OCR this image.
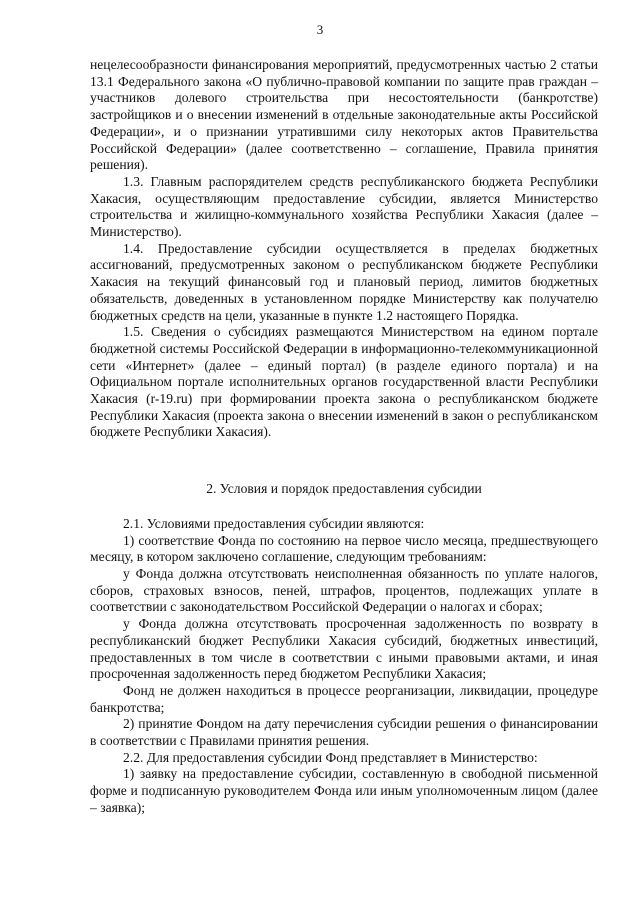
3

нецелесообразности финансирования мероприятий, предусмотренных частью 2 статьи 13.1 Федерального закона «О публично-правовой компании по защите прав граждан – участников долевого строительства при несостоятельности (банкротстве) застройщиков и о внесении изменений в отдельные законодательные акты Российской Федерации», и о признании утратившими силу некоторых актов Правительства Российской Федерации» (далее соответственно – соглашение, Правила принятия решения).

1.3. Главным распорядителем средств республиканского бюджета Республики Хакасия, осуществляющим предоставление субсидии, является Министерство строительства и жилищно-коммунального хозяйства Республики Хакасия (далее – Министерство).

1.4. Предоставление субсидии осуществляется в пределах бюджетных ассигнований, предусмотренных законом о республиканском бюджете Республики Хакасия на текущий финансовый год и плановый период, лимитов бюджетных обязательств, доведенных в установленном порядке Министерству как получателю бюджетных средств на цели, указанные в пункте 1.2 настоящего Порядка.

1.5. Сведения о субсидиях размещаются Министерством на едином портале бюджетной системы Российской Федерации в информационно-телекоммуникационной сети «Интернет» (далее – единый портал) (в разделе единого портала) и на Официальном портале исполнительных органов государственной власти Республики Хакасия (r-19.ru) при формировании проекта закона о республиканском бюджете Республики Хакасия (проекта закона о внесении изменений в закон о республиканском бюджете Республики Хакасия).

2. Условия и порядок предоставления субсидии

2.1. Условиями предоставления субсидии являются:

1) соответствие Фонда по состоянию на первое число месяца, предшествующего месяцу, в котором заключено соглашение, следующим требованиям:

у Фонда должна отсутствовать неисполненная обязанность по уплате налогов, сборов, страховых взносов, пеней, штрафов, процентов, подлежащих уплате в соответствии с законодательством Российской Федерации о налогах и сборах;

у Фонда должна отсутствовать просроченная задолженность по возврату в республиканский бюджет Республики Хакасия субсидий, бюджетных инвестиций, предоставленных в том числе в соответствии с иными правовыми актами, и иная просроченная задолженность перед бюджетом Республики Хакасия;

Фонд не должен находиться в процессе реорганизации, ликвидации, процедуре банкротства;

2) принятие Фондом на дату перечисления субсидии решения о финансировании в соответствии с Правилами принятия решения.

2.2. Для предоставления субсидии Фонд представляет в Министерство:

1) заявку на предоставление субсидии, составленную в свободной письменной форме и подписанную руководителем Фонда или иным уполномоченным лицом (далее – заявка);
